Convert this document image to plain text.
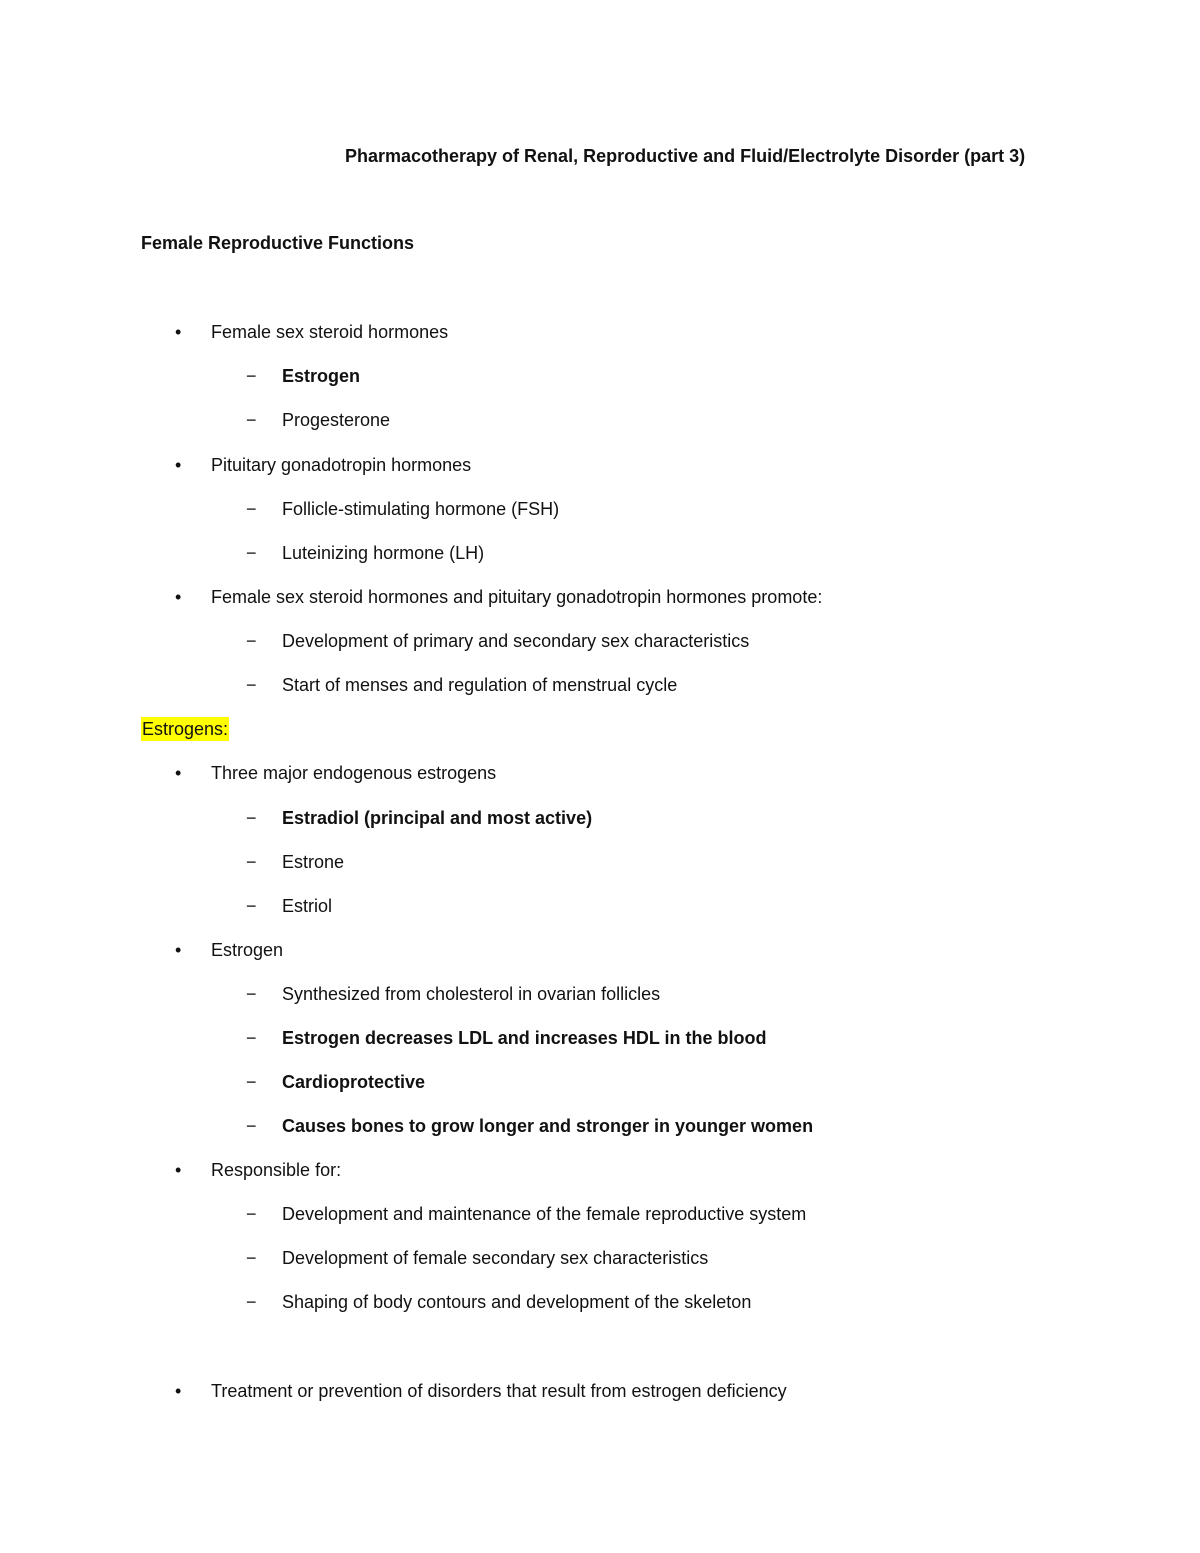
Pharmacotherapy of Renal, Reproductive and Fluid/Electrolyte Disorder (part 3)
Female Reproductive Functions
•	Female sex steroid hormones
− Estrogen
− Progesterone
•	Pituitary gonadotropin hormones
− Follicle-stimulating hormone (FSH)
− Luteinizing hormone (LH)
•	Female sex steroid hormones and pituitary gonadotropin hormones promote:
− Development of primary and secondary sex characteristics
− Start of menses and regulation of menstrual cycle
Estrogens:
•	Three major endogenous estrogens
− Estradiol (principal and most active)
− Estrone
− Estriol
•	Estrogen
− Synthesized from cholesterol in ovarian follicles
− Estrogen decreases LDL and increases HDL in the blood
− Cardioprotective
− Causes bones to grow longer and stronger in younger women
•	Responsible for:
− Development and maintenance of the female reproductive system
− Development of female secondary sex characteristics
− Shaping of body contours and development of the skeleton
•	Treatment or prevention of disorders that result from estrogen deficiency
